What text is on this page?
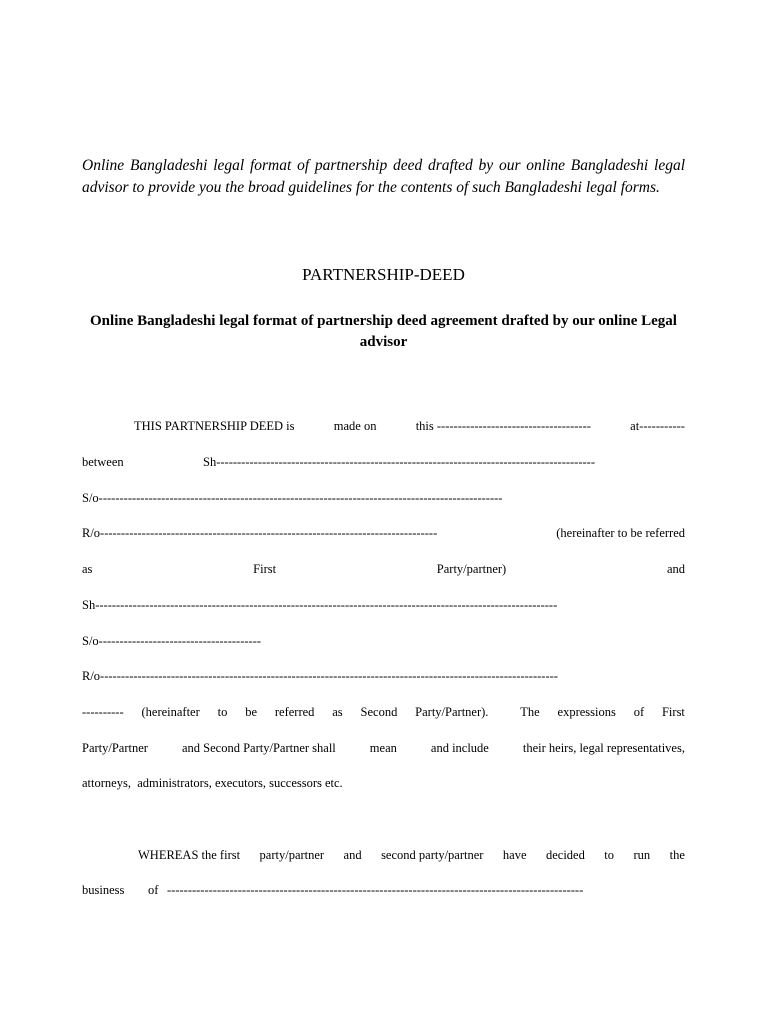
Online Bangladeshi legal format of partnership deed drafted by our online Bangladeshi legal advisor to provide you the broad guidelines for the contents of such Bangladeshi legal forms.

PARTNERSHIP-DEED
Online Bangladeshi legal format of partnership deed agreement drafted by our online Legal advisor
THIS PARTNERSHIP DEED is	made on	this -------------------------------------	at-----------
between	Sh-------------------------------------------------------------------------------------------
S/o-------------------------------------------------------------------------------------------------
R/o---------------------------------------------------------------------------------	(hereinafter to be referred
as	First	Party/partner)	and
Sh---------------------------------------------------------------------------------------------------------------
S/o---------------------------------------
R/o--------------------------------------------------------------------------------------------------------------
---------- (hereinafter to be referred as Second Party/Partner).	The expressions of First
Party/Partner	and Second Party/Partner shall	mean	and include	their heirs, legal representatives,
attorneys,  administrators, executors, successors etc.
WHEREAS the first party/partner and second party/partner have decided to run the
business of ----------------------------------------------------------------------------------------------------
